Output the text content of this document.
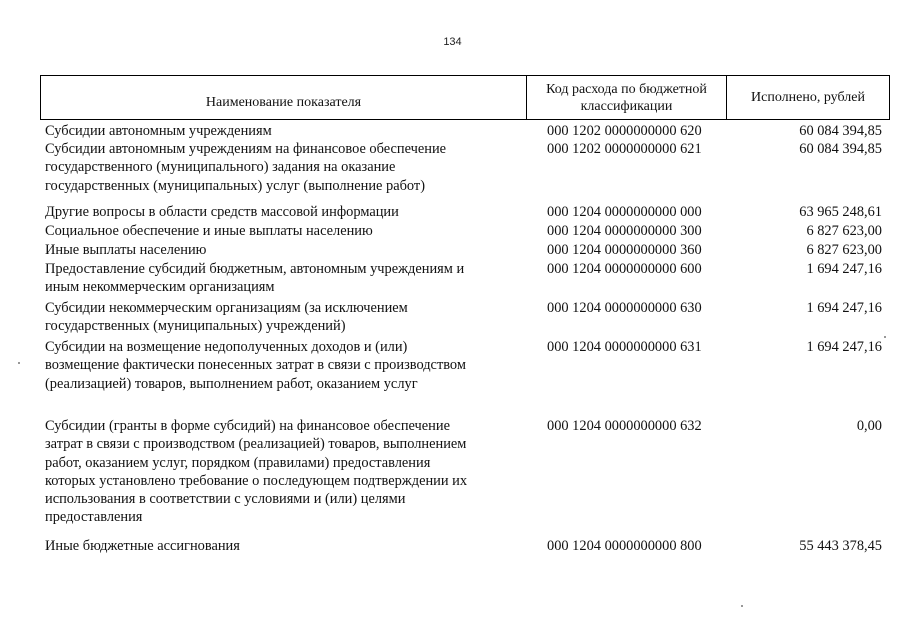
134
Наименование показателя
Код расхода по бюджетной классификации
Исполнено, рублей
Субсидии автономным учреждениям	000 1202 0000000000 620	60 084 394,85
Субсидии автономным учреждениям на финансовое обеспечение
государственного (муниципального) задания на оказание
государственных (муниципальных) услуг (выполнение работ)
000 1202 0000000000 621	60 084 394,85
Другие вопросы в области средств массовой информации	000 1204 0000000000 000	63 965 248,61
Социальное обеспечение и иные выплаты населению	000 1204 0000000000 300	6 827 623,00
Иные выплаты населению	000 1204 0000000000 360	6 827 623,00
Предоставление субсидий бюджетным, автономным учреждениям и
иным некоммерческим организациям
000 1204 0000000000 600	1 694 247,16
Субсидии некоммерческим организациям (за исключением
государственных (муниципальных) учреждений)
000 1204 0000000000 630	1 694 247,16
Субсидии на возмещение недополученных доходов и (или)
возмещение фактически понесенных затрат в связи с производством
(реализацией) товаров, выполнением работ, оказанием услуг
000 1204 0000000000 631	1 694 247,16
Субсидии (гранты в форме субсидий) на финансовое обеспечение
затрат в связи с производством (реализацией) товаров, выполнением
работ, оказанием услуг, порядком (правилами) предоставления
которых установлено требование о последующем подтверждении их
использования в соответствии с условиями и (или) целями
предоставления
000 1204 0000000000 632	0,00
Иные бюджетные ассигнования	000 1204 0000000000 800	55 443 378,45
